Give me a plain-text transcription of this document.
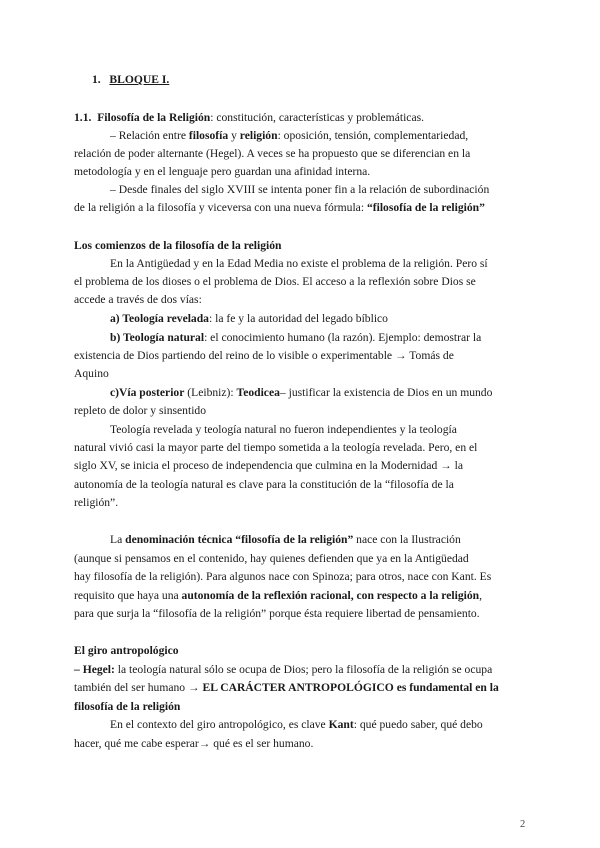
1. BLOQUE I.
1.1. Filosofía de la Religión: constitución, características y problemáticas.
– Relación entre filosofía y religión: oposición, tensión, complementariedad,
relación de poder alternante (Hegel). A veces se ha propuesto que se diferencian en la
metodología y en el lenguaje pero guardan una afinidad interna.
– Desde finales del siglo XVIII se intenta poner fin a la relación de subordinación
de la religión a la filosofía y viceversa con una nueva fórmula: “filosofía de la religión”
Los comienzos de la filosofía de la religión
En la Antigüedad y en la Edad Media no existe el problema de la religión. Pero sí
el problema de los dioses o el problema de Dios. El acceso a la reflexión sobre Dios se
accede a través de dos vías:
a) Teología revelada: la fe y la autoridad del legado bíblico
b) Teología natural: el conocimiento humano (la razón). Ejemplo: demostrar la
existencia de Dios partiendo del reino de lo visible o experimentable → Tomás de
Aquino
c)Vía posterior (Leibniz): Teodicea– justificar la existencia de Dios en un mundo
repleto de dolor y sinsentido
Teología revelada y teología natural no fueron independientes y la teología
natural vivió casi la mayor parte del tiempo sometida a la teología revelada. Pero, en el
siglo XV, se inicia el proceso de independencia que culmina en la Modernidad → la
autonomía de la teología natural es clave para la constitución de la “filosofía de la
religión”.
La denominación técnica “filosofía de la religión” nace con la Ilustración
(aunque si pensamos en el contenido, hay quienes defienden que ya en la Antigüedad
hay filosofía de la religión). Para algunos nace con Spinoza; para otros, nace con Kant. Es
requisito que haya una autonomía de la reflexión racional, con respecto a la religión,
para que surja la “filosofía de la religión” porque ésta requiere libertad de pensamiento.
El giro antropológico
– Hegel: la teología natural sólo se ocupa de Dios; pero la filosofía de la religión se ocupa
también del ser humano → EL CARÁCTER ANTROPOLÓGICO es fundamental en la
filosofía de la religión
En el contexto del giro antropológico, es clave Kant: qué puedo saber, qué debo
hacer, qué me cabe esperar→ qué es el ser humano.
2
